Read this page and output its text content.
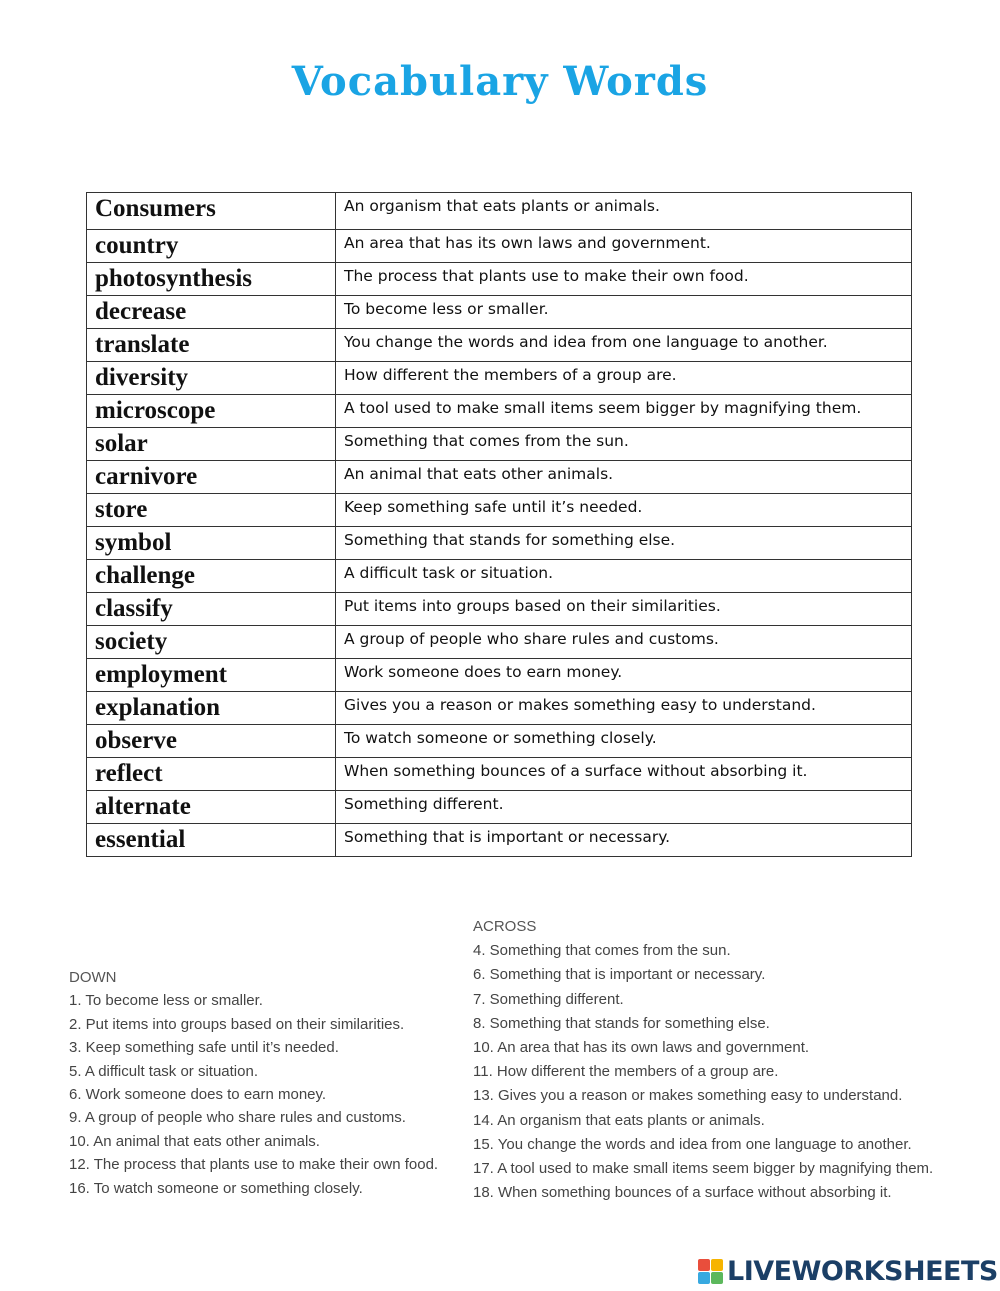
Vocabulary Words
Consumers	An organism that eats plants or animals.
country	An area that has its own laws and government.
photosynthesis	The process that plants use to make their own food.
decrease	To become less or smaller.
translate	You change the words and idea from one language to another.
diversity	How different the members of a group are.
microscope	A tool used to make small items seem bigger by magnifying them.
solar	Something that comes from the sun.
carnivore	An animal that eats other animals.
store	Keep something safe until it’s needed.
symbol	Something that stands for something else.
challenge	A difficult task or situation.
classify	Put items into groups based on their similarities.
society	A group of people who share rules and customs.
employment	Work someone does to earn money.
explanation	Gives you a reason or makes something easy to understand.
observe	To watch someone or something closely.
reflect	When something bounces of a surface without absorbing it.
alternate	Something different.
essential	Something that is important or necessary.
DOWN
1. To become less or smaller.
2. Put items into groups based on their similarities.
3. Keep something safe until it’s needed.
5. A difficult task or situation.
6. Work someone does to earn money.
9. A group of people who share rules and customs.
10. An animal that eats other animals.
12. The process that plants use to make their own food.
16. To watch someone or something closely.
ACROSS
4. Something that comes from the sun.
6. Something that is important or necessary.
7. Something different.
8. Something that stands for something else.
10. An area that has its own laws and government.
11. How different the members of a group are.
13. Gives you a reason or makes something easy to understand.
14. An organism that eats plants or animals.
15. You change the words and idea from one language to another.
17. A tool used to make small items seem bigger by magnifying them.
18. When something bounces of a surface without absorbing it.
LIVEWORKSHEETS
